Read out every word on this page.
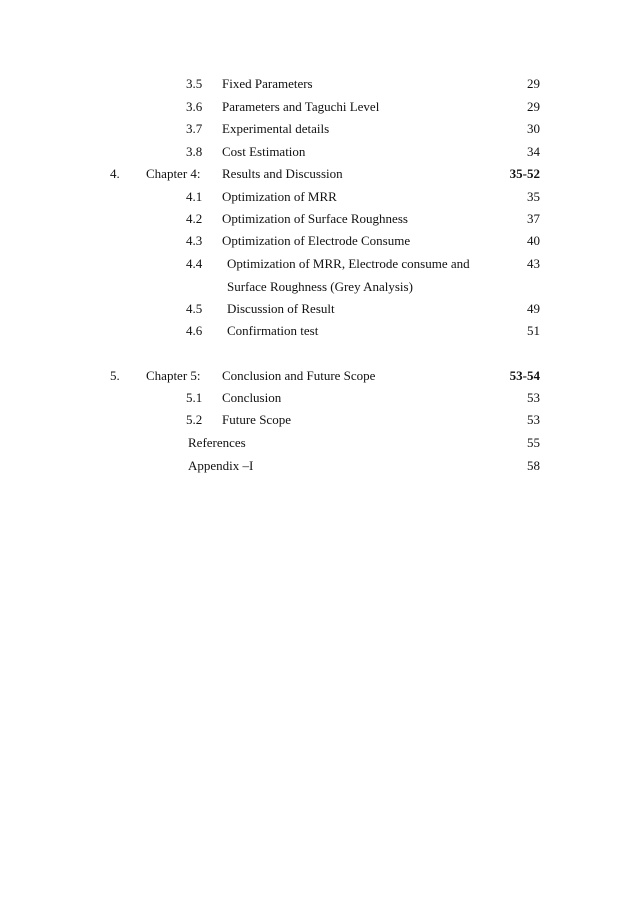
3.5 Fixed Parameters	29
3.6 Parameters and Taguchi Level	29
3.7 Experimental details	30
3.8 Cost Estimation	34
4. Chapter 4: Results and Discussion	35-52
4.1 Optimization of MRR	35
4.2 Optimization of Surface Roughness	37
4.3 Optimization of Electrode Consume	40
4.4 Optimization of MRR, Electrode consume and	43
Surface Roughness (Grey Analysis)
4.5 Discussion of Result	49
4.6 Confirmation test	51
5. Chapter 5: Conclusion and Future Scope	53-54
5.1 Conclusion	53
5.2 Future Scope	53
References	55
Appendix –I	58
